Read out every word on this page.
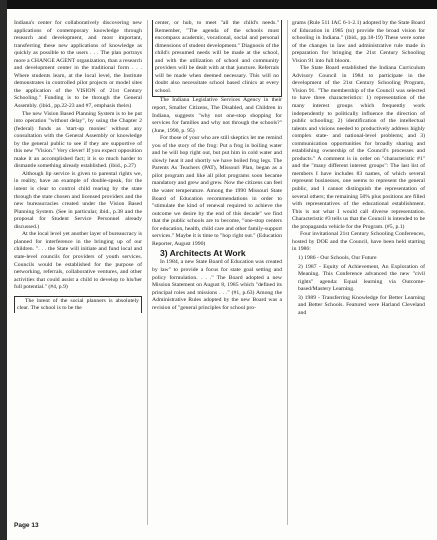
Indiana's center for collaboratively discovering new applications of contemporary knowledge through research and development, and most important, transferring these new applications of knowledge as quickly as possible to the users . . . The plan portrays more a CHANGE AGENT organization, than a research and development center in the traditional form . . . Where students learn, at the local level, the Institute demonstrates in controlled pilot projects or model sites the application of the VISION of 21st Century Schooling." Funding is to be through the General Assembly. (ibid., pp.22-23 and #7, emphasis theirs)

The new Vision Based Planning System is to be put into operation "without delay", by using the Chapter 2 (federal) funds as 'start-up monies' without any consultation with the General Assembly or knowledge by the general public to see if they are supportive of this new "Vision." Very clever! If you expect opposition make it an accomplished fact; it is so much harder to dismantle something already established. (ibid., p.27)

Although lip service is given to parental rights we, in reality, have an example of double-speak, for the intent is clear to control child rearing by the state through the state chosen and licensed providers and the new bureaucracies created under the Vision Based Planning System. (See in particular, ibid., p.38 and the proposal for Student Service Personnel already discussed.)

At the local level yet another layer of bureaucracy is planned for interference in the bringing up of our children. ". . . the State will initiate and fund local and state-level councils for providers of youth services. Councils would be established for the purpose of networking, referrals, collaborative ventures, and other activities that could assist a child to develop to his/her full potential." (#4, p.9)

The intent of the social planners is absolutely clear. The school is to be the

center, or hub, to meet "all the child's needs." Remember, "The agenda of the schools must encompass academic, vocational, social and personal dimensions of student development." Diagnosis of the child's presumed needs will be made at the school, and with the utilization of school and community providers will be dealt with at that juncture. Referrals will be made when deemed necessary. This will no doubt also necessitate school based clinics at every school.

The Indiana Legislative Services Agency in their report, Smaller Citizens, The Disabled, and Children in Indiana, suggests "why not one-stop shopping for services for families and why not through the schools?" (June, 1990, p. 95)

For those of your who are still skeptics let me remind you of the story of the frog: Put a frog in boiling water and he will hop right out, but put him in cold water and slowly heat it and shortly we have boiled frog legs. The Parents As Teachers (PAT), Missouri Plan, began as a pilot program and like all pilot programs soon became mandatory and grew and grew. Now the citizens can feel the water temperature. Among the 1990 Missouri State Board of Education recommendations in order to "stimulate the kind of renewal required to achieve the outcome we desire by the end of this decade" we find that the public schools are to become, "one-stop centers for education, health, child care and other family-support services." Maybe it is time to "hop right out." (Education Reporter, August 1990)

3) Architects At Work

In 1984, a new State Board of Education was created by law" to provide a focus for state goal setting and policy formulation. . . ." The Board adopted a new Mission Statement on August 8, 1985 which "defined its principal roles and missions . . ." (#1, p.63) Among the Administrative Rules adopted by the new Board was a revision of "general principles for school pro-

grams (Rule 511 IAC 6-1-2.1) adopted by the State Board of Education in 1985 (to) provide the broad vision for schooling in Indiana." (ibid., pp.18-19) These were some of the changes in law and administrative rule made in preparation for bringing the 21st Century Schooling Vision 91 into full bloom.

The State Board established the Indiana Curriculum Advisory Council in 1984 to participate in the development of the 21st Century Schooling Program, Vision 91. "The membership of the Council was selected to have three characteristics: 1) representation of the many interest groups which frequently work independently to politically influence the direction of public schooling; 2) identification of the intellectual talents and visions needed to productively address highly complex state- and national-level problems; and 3) communication opportunities for broadly sharing and establishing ownership of the Council's processes and products." A comment is in order on "characteristic #1" and the "many different interest groups": The last list of members I have includes 83 names, of which several represent businesses, one seems to represent the general public, and I cannot distinguish the representation of several others; the remaining 50% plus positions are filled with representatives of the educational establishment. This is not what I would call diverse representation. Characteristic #3 tells us that the Council is intended to be the propaganda vehicle for the Program. (#5, p.1)

Four invitational 21st Century Schooling Conferences, hosted by DOE and the Council, have been held starting in 1986:

1) 1986 - Our Schools, Our Future

2) 1987 - Equity of Achievement, An Exploration of Meaning. This Conference advanced the new "civil rights" agenda: Equal learning via Outcome-based/Mastery Learning.

3) 1989 - Transferring Knowledge for Better Learning and Better Schools. Featured were Harland Cleveland and

Page 13
